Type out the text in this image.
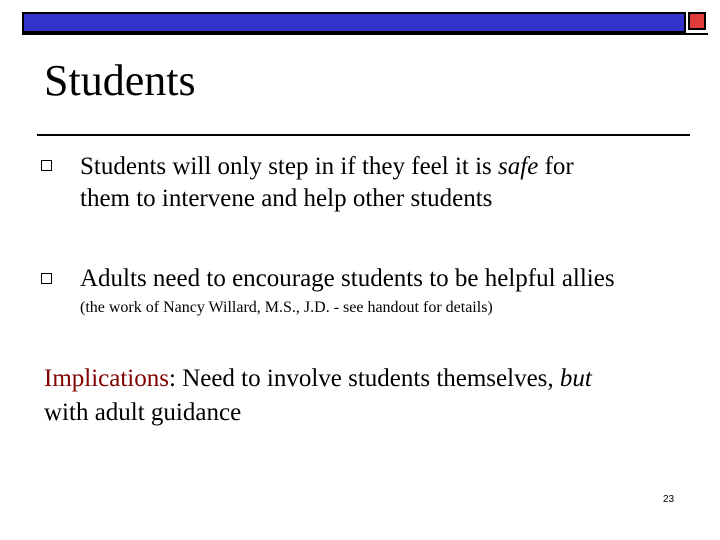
Students
Students will only step in if they feel it is safe for
them to intervene and help other students
Adults need to encourage students to be helpful allies
(the work of Nancy Willard, M.S., J.D. - see handout for details)
Implications: Need to involve students themselves, but
with adult guidance
23
